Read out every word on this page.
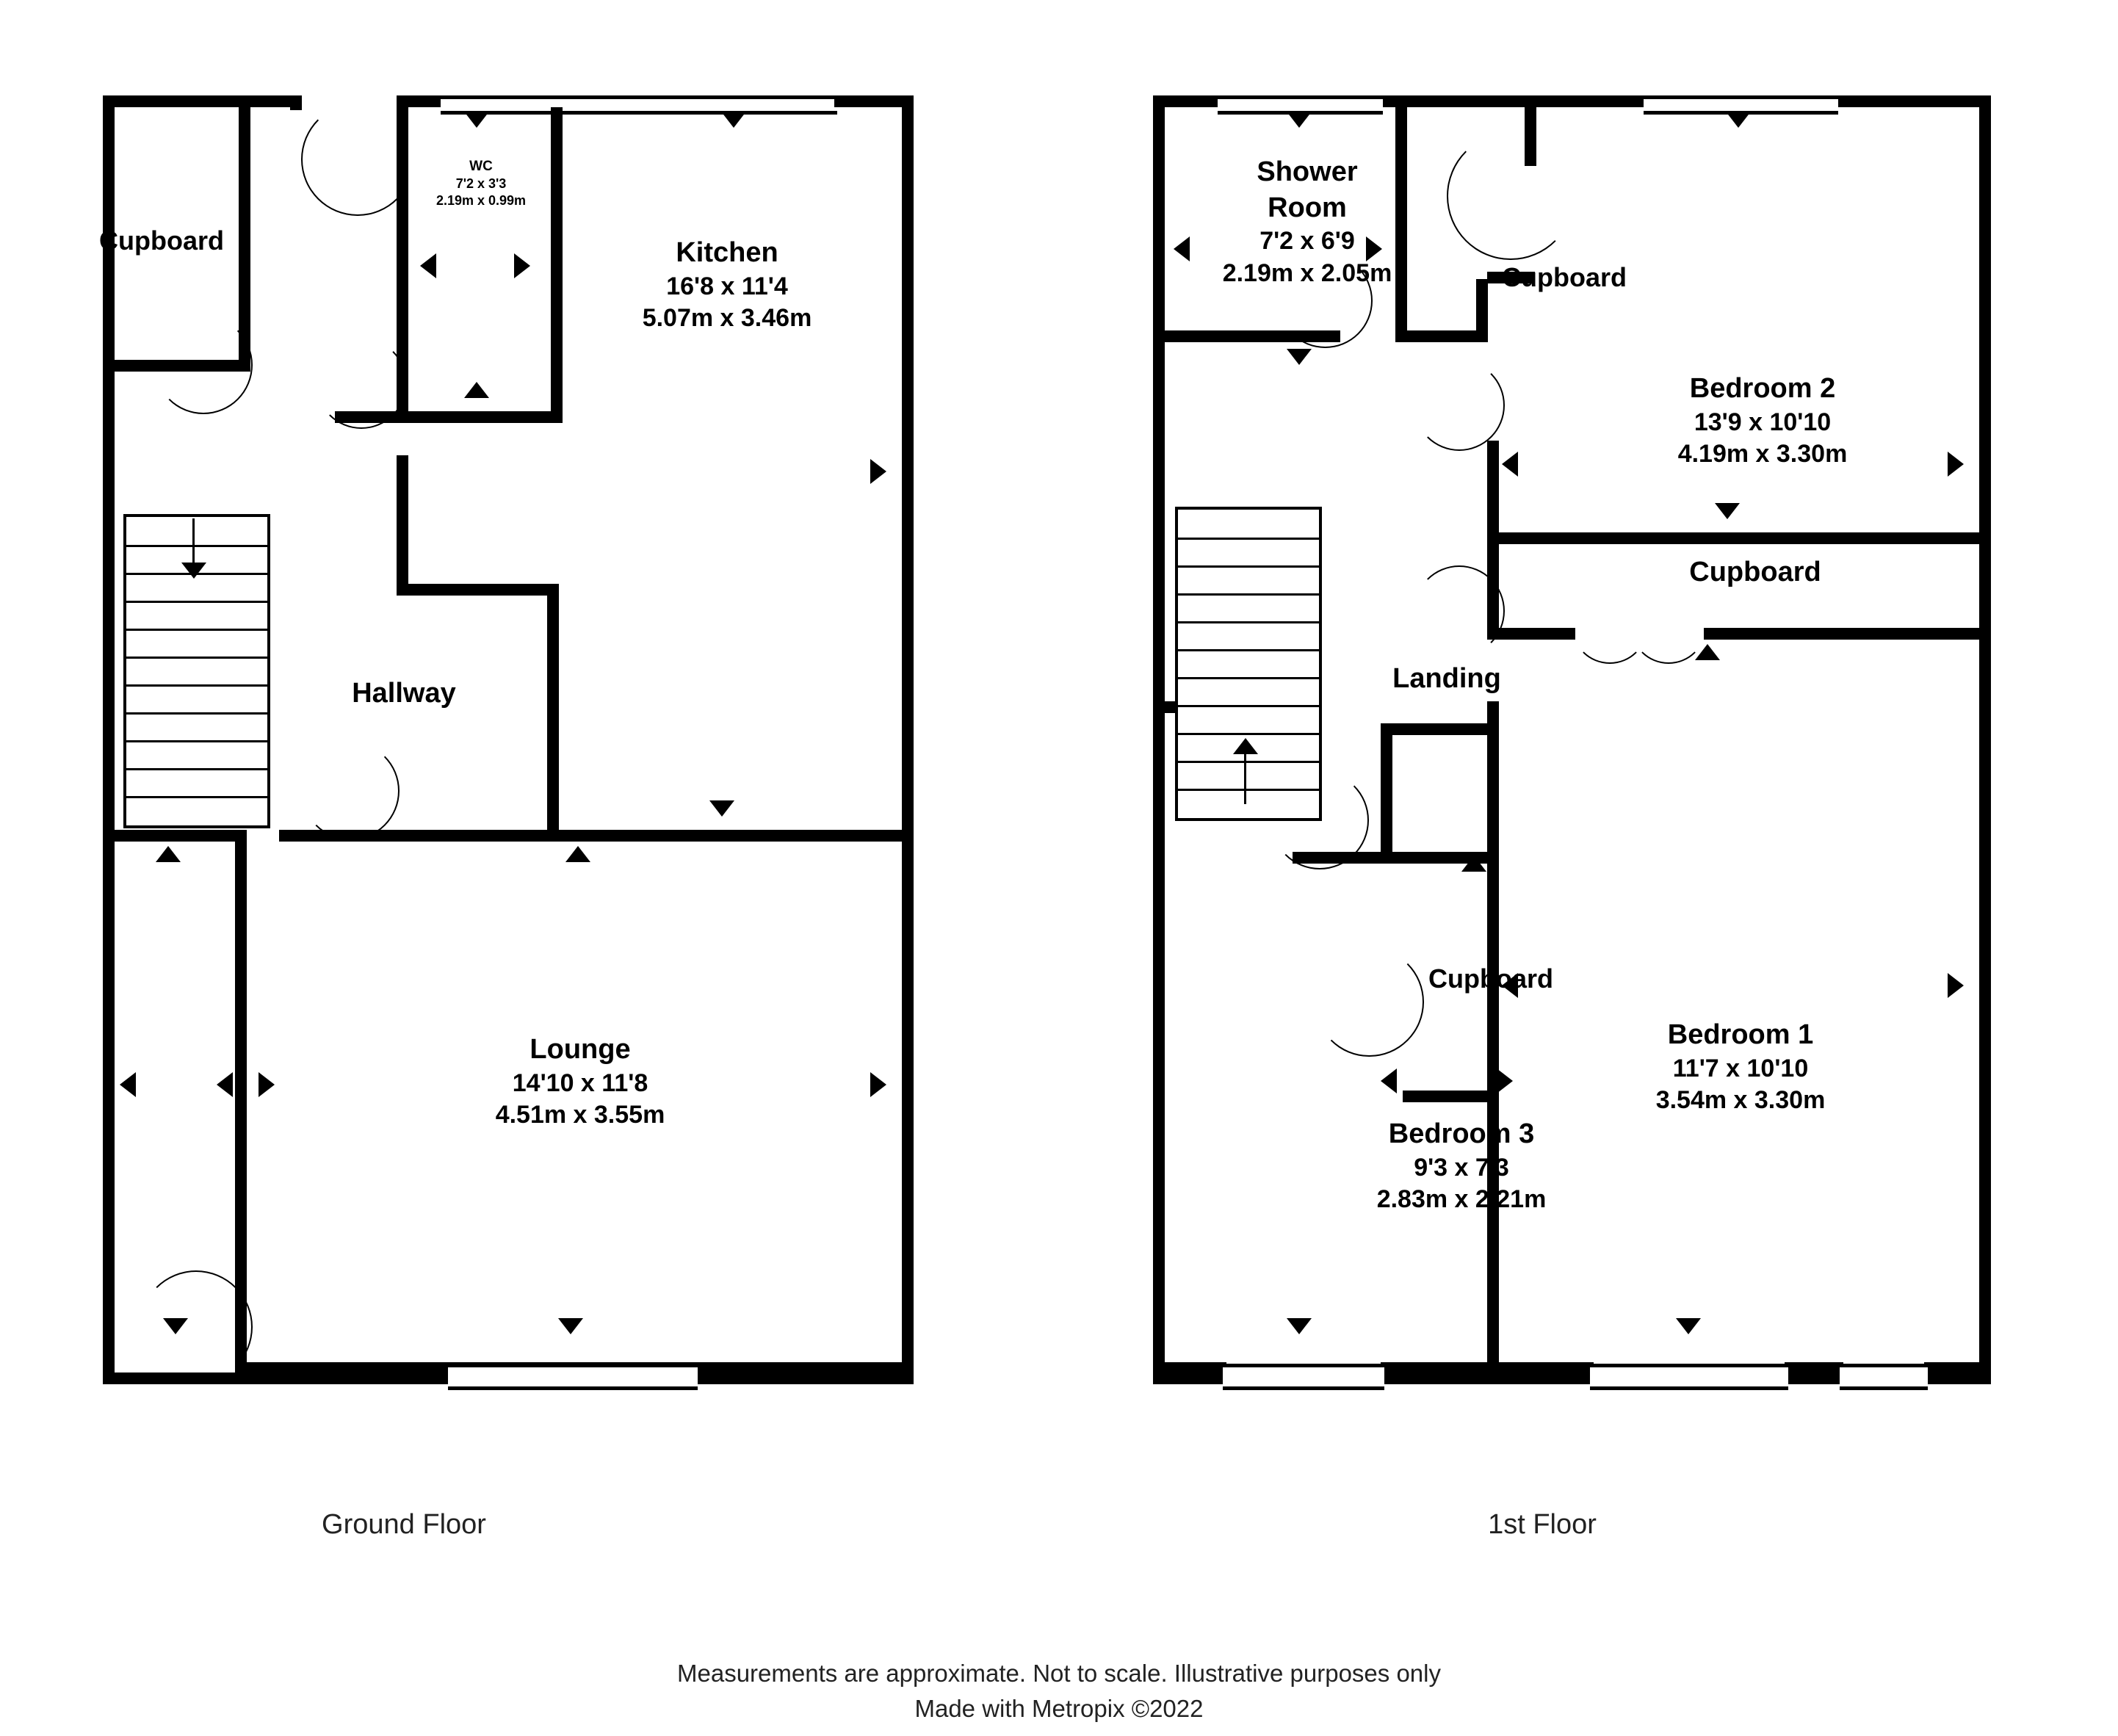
Cupboard
WC
7'2 x 3'3
2.19m x 0.99m
Kitchen
16'8 x 11'4
5.07m x 3.46m
Hallway
Lounge
14'10 x 11'8
4.51m x 3.55m
Shower
Room
7'2 x 6'9
2.19m x 2.05m	Cupboard
Bedroom 2
13'9 x 10'10
4.19m x 3.30m
Landing
Cupboard
Cupboard
Bedroom 1
11'7 x 10'10
3.54m x 3.30m
Bedroom 3
9'3 x 7'3
2.83m x 2.21m
Ground Floor	1st Floor
Measurements are approximate. Not to scale. Illustrative purposes only
Made with Metropix ©2022
